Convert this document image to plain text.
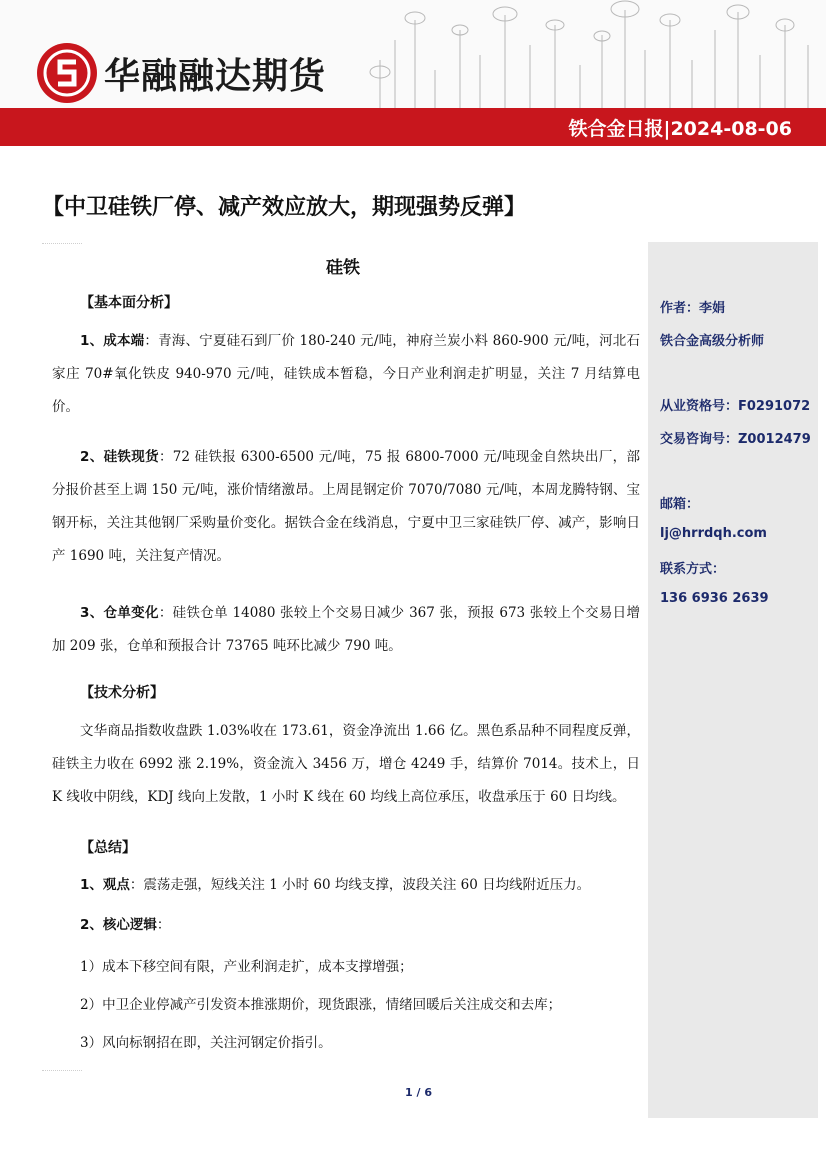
华融融达期货
铁合金日报|2024-08-06
【中卫硅铁厂停、减产效应放大，期现强势反弹】
作者：李娟
铁合金高级分析师
从业资格号：F0291072
交易咨询号：Z0012479
邮箱：
lj@hrrdqh.com
联系方式：
136 6936 2639
硅铁
【基本面分析】
1、成本端：青海、宁夏硅石到厂价 180-240 元/吨，神府兰炭小料 860-900 元/吨，河北石家庄 70#氧化铁皮 940-970 元/吨，硅铁成本暂稳，今日产业利润走扩明显，关注 7 月结算电价。
2、硅铁现货：72 硅铁报 6300-6500 元/吨，75 报 6800-7000 元/吨现金自然块出厂，部分报价甚至上调 150 元/吨，涨价情绪激昂。上周昆钢定价 7070/7080 元/吨，本周龙腾特钢、宝钢开标，关注其他钢厂采购量价变化。据铁合金在线消息，宁夏中卫三家硅铁厂停、减产，影响日产 1690 吨，关注复产情况。
3、仓单变化：硅铁仓单 14080 张较上个交易日减少 367 张，预报 673 张较上个交易日增加 209 张，仓单和预报合计 73765 吨环比减少 790 吨。
【技术分析】
文华商品指数收盘跌 1.03%收在 173.61，资金净流出 1.66 亿。黑色系品种不同程度反弹，硅铁主力收在 6992 涨 2.19%，资金流入 3456 万，增仓 4249 手，结算价 7014。技术上，日 K 线收中阴线，KDJ 线向上发散，1 小时 K 线在 60 均线上高位承压，收盘承压于 60 日均线。
【总结】
1、观点：震荡走强，短线关注 1 小时 60 均线支撑，波段关注 60 日均线附近压力。
2、核心逻辑：
1）成本下移空间有限，产业利润走扩，成本支撑增强；
2）中卫企业停减产引发资本推涨期价，现货跟涨，情绪回暖后关注成交和去库；
3）风向标钢招在即，关注河钢定价指引。
1 / 6
